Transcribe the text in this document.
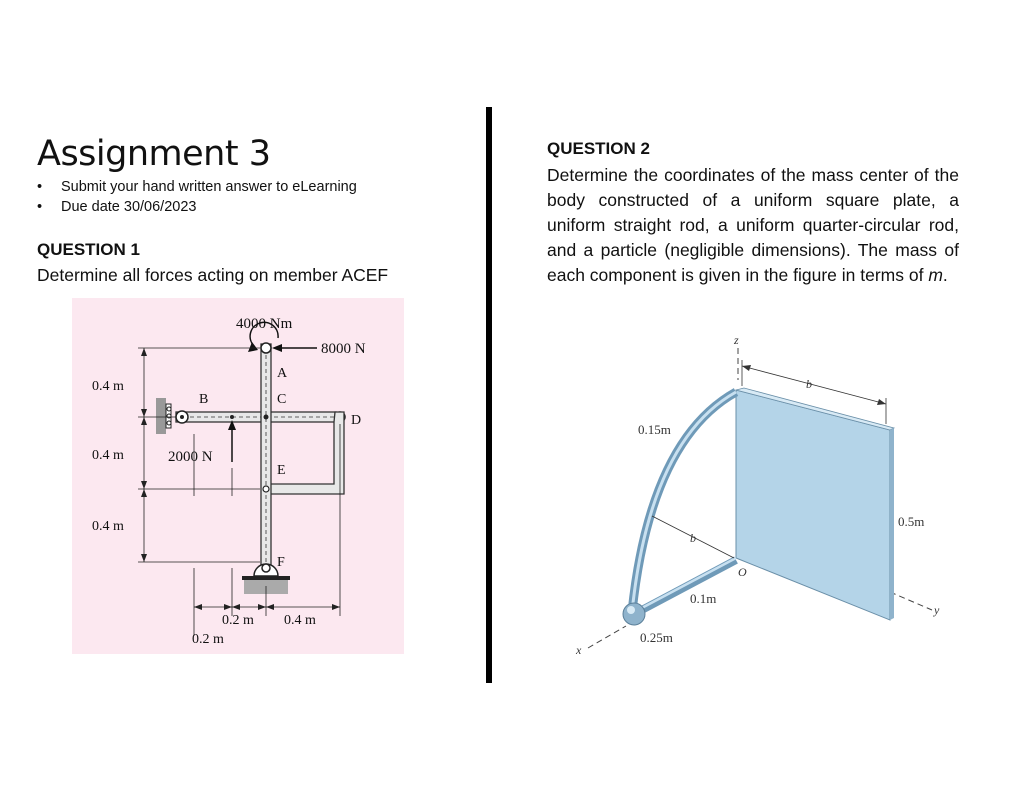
Assignment 3
• Submit your hand written answer to eLearning
• Due date 30/06/2023

QUESTION 1

Determine all forces acting on member ACEF

4000 Nm
8000 N
2000 N
A
B	C
D
E
F
0.4 m
0.4 m
0.4 m
0.2 m 0.4 m
0.2 m

QUESTION 2

Determine the coordinates of the mass center of the body constructed of a uniform square plate, a uniform straight rod, a uniform quarter-circular rod, and a particle (negligible dimensions). The mass of each component is given in the figure in terms of m.

z
y
x
O
b
b
0.15m
0.5m
0.1m
0.25m
